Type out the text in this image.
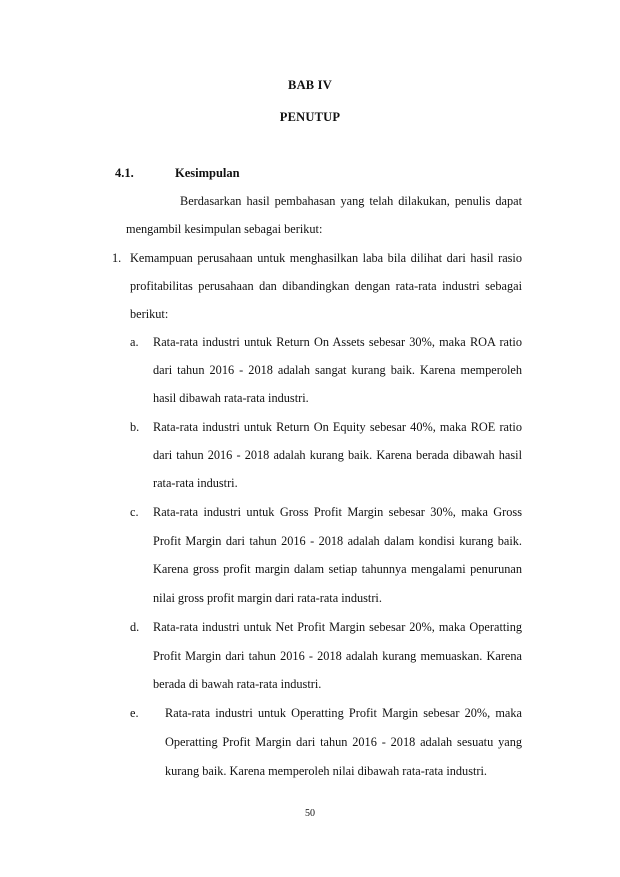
BAB IV
PENUTUP
4.1.	Kesimpulan
Berdasarkan hasil pembahasan yang telah dilakukan, penulis dapat
mengambil kesimpulan sebagai berikut:
1. Kemampuan perusahaan untuk menghasilkan laba bila dilihat dari hasil rasio
profitabilitas perusahaan dan dibandingkan dengan rata-rata industri sebagai
berikut:
a. Rata-rata industri untuk Return On Assets sebesar 30%, maka ROA ratio
dari tahun 2016 - 2018 adalah sangat kurang baik. Karena memperoleh
hasil dibawah rata-rata industri.
b. Rata-rata industri untuk Return On Equity sebesar 40%, maka ROE ratio
dari tahun 2016 - 2018 adalah kurang baik. Karena berada dibawah hasil
rata-rata industri.
c. Rata-rata industri untuk Gross Profit Margin sebesar 30%, maka Gross
Profit Margin dari tahun 2016 - 2018 adalah dalam kondisi kurang baik.
Karena gross profit margin dalam setiap tahunnya mengalami penurunan
nilai gross profit margin dari rata-rata industri.
d. Rata-rata industri untuk Net Profit Margin sebesar 20%, maka Operatting
Profit Margin dari tahun 2016 - 2018 adalah kurang memuaskan. Karena
berada di bawah rata-rata industri.
e. Rata-rata industri untuk Operatting Profit Margin sebesar 20%, maka
Operatting Profit Margin dari tahun 2016 - 2018 adalah sesuatu yang
kurang baik. Karena memperoleh nilai dibawah rata-rata industri.
50
